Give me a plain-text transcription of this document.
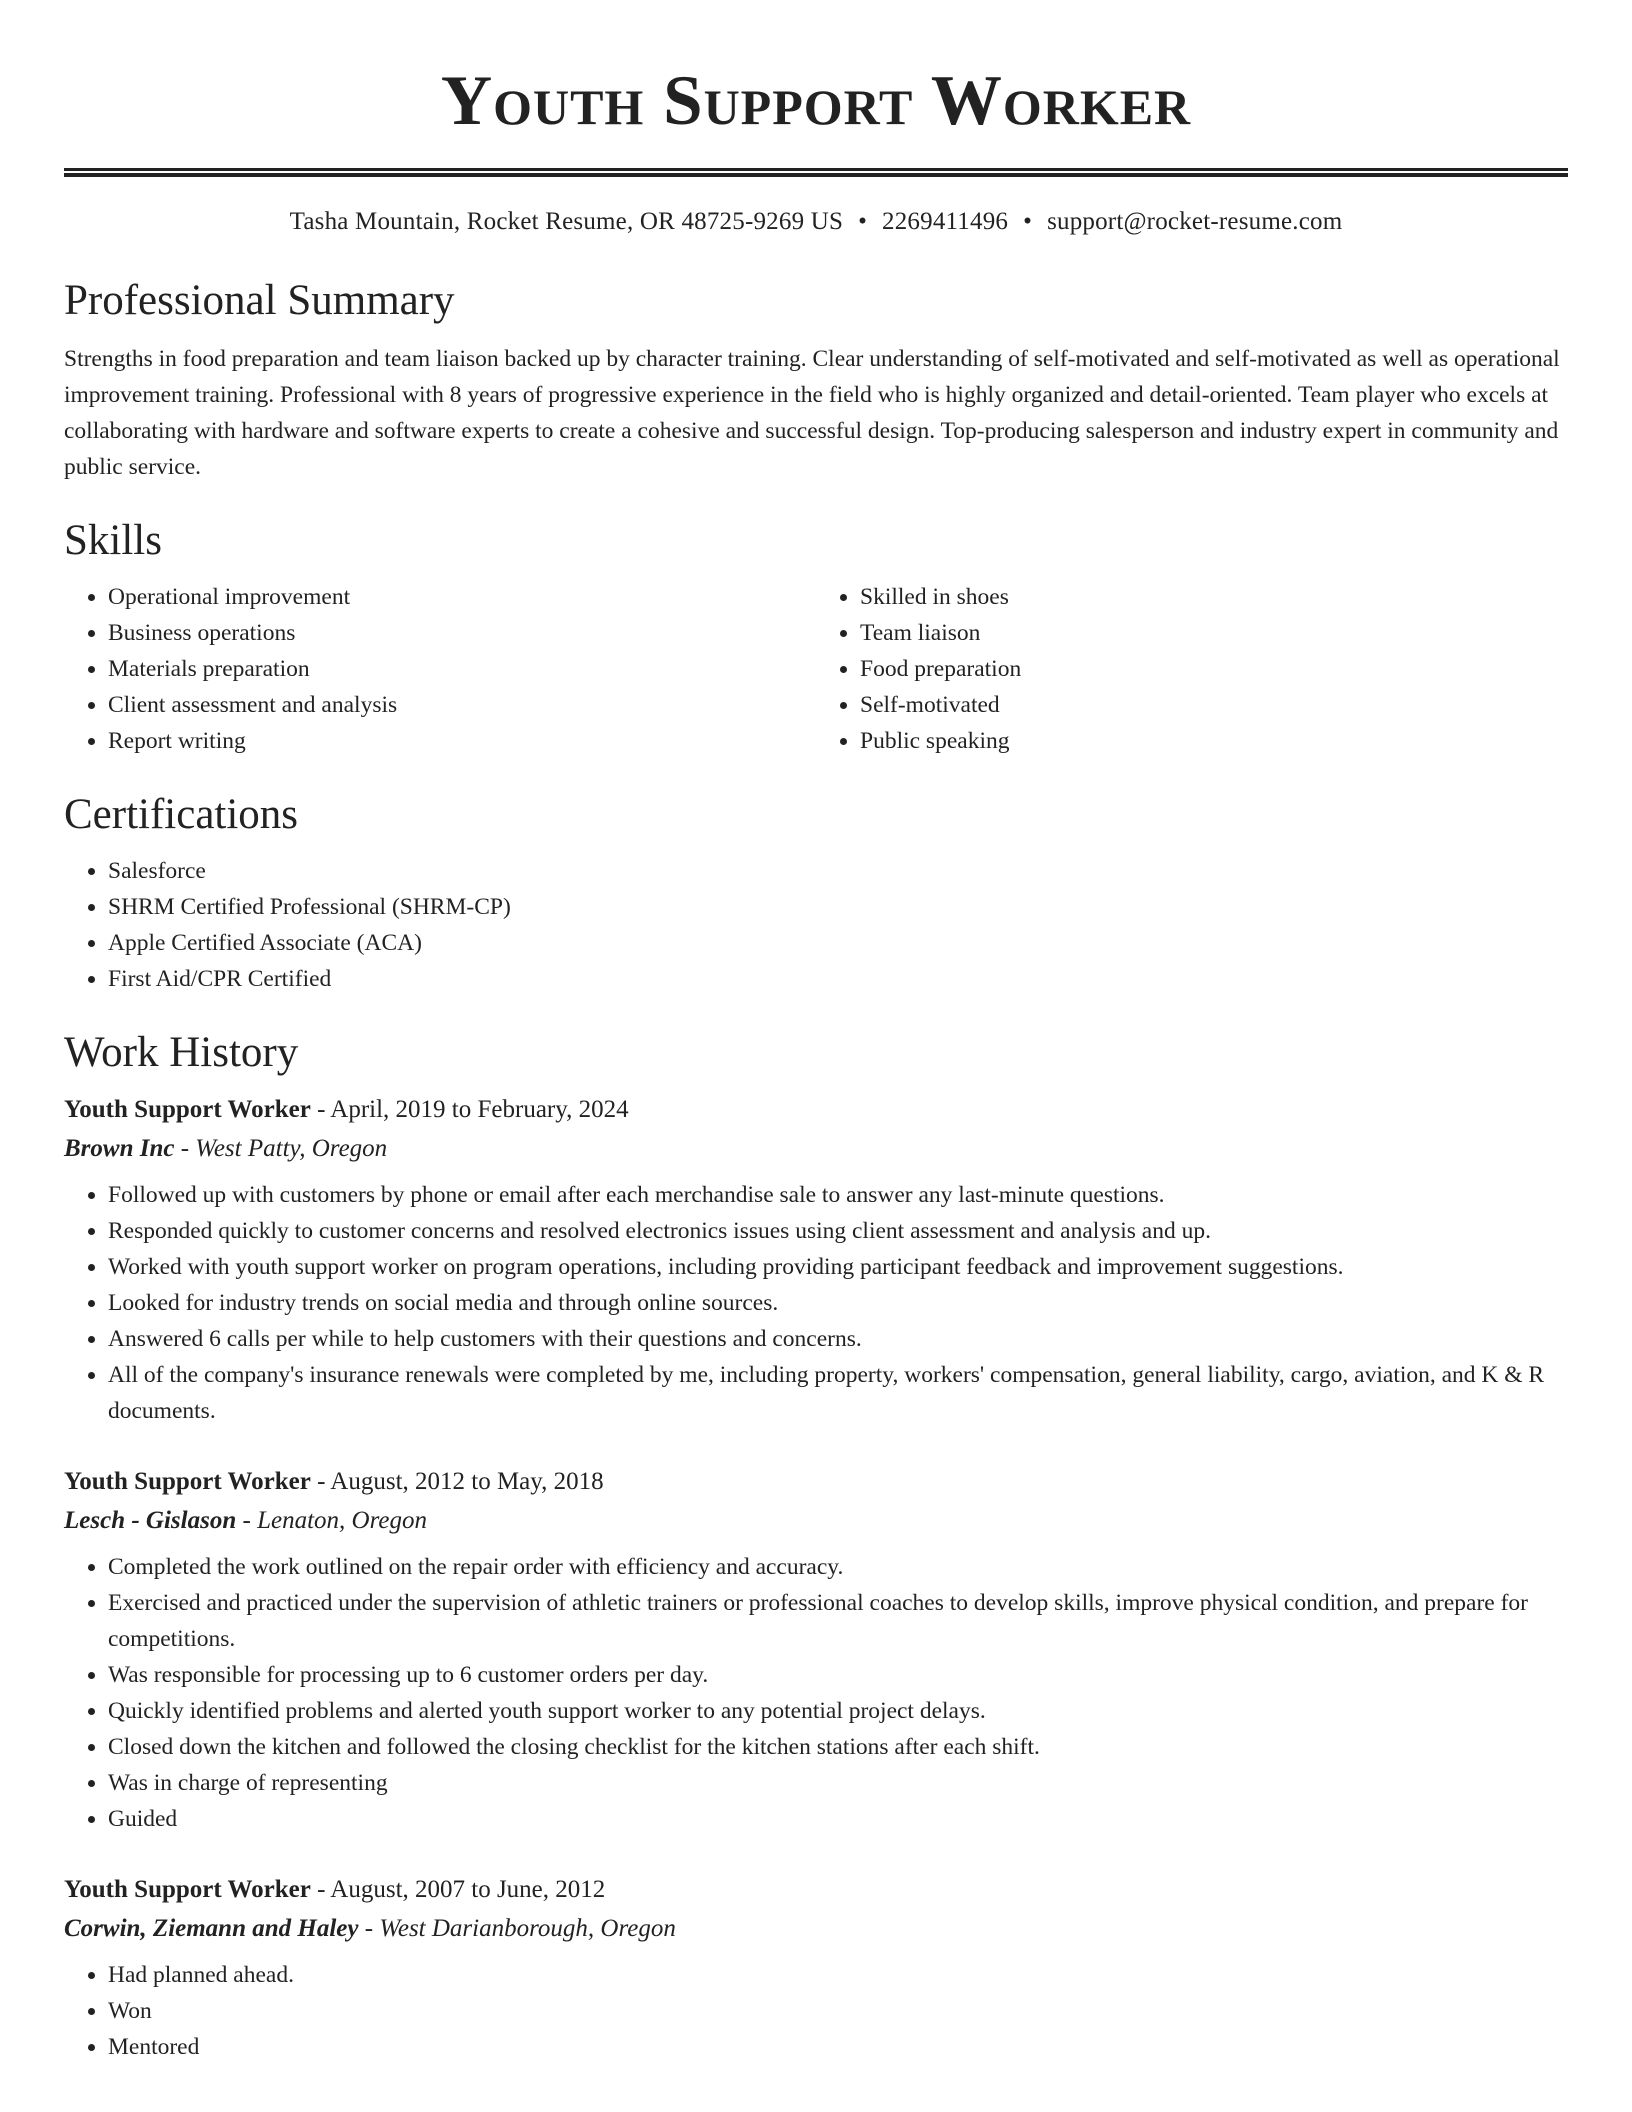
Youth Support Worker
Tasha Mountain, Rocket Resume, OR 48725-9269 US • 2269411496 • support@rocket-resume.com
Professional Summary

Strengths in food preparation and team liaison backed up by character training. Clear understanding of self-motivated and self-motivated as well as operational improvement training. Professional with 8 years of progressive experience in the field who is highly organized and detail-oriented. Team player who excels at collaborating with hardware and software experts to create a cohesive and successful design. Top-producing salesperson and industry expert in community and public service.

Skills
• Operational improvement
• Business operations
• Materials preparation
• Client assessment and analysis
• Report writing
• Skilled in shoes
• Team liaison
• Food preparation
• Self-motivated
• Public speaking
Certifications
• Salesforce
• SHRM Certified Professional (SHRM-CP)
• Apple Certified Associate (ACA)
• First Aid/CPR Certified
Work History
Youth Support Worker - April, 2019 to February, 2024
Brown Inc - West Patty, Oregon
• Followed up with customers by phone or email after each merchandise sale to answer any last-minute questions.
• Responded quickly to customer concerns and resolved electronics issues using client assessment and analysis and up.
• Worked with youth support worker on program operations, including providing participant feedback and improvement suggestions.
• Looked for industry trends on social media and through online sources.
• Answered 6 calls per while to help customers with their questions and concerns.
• All of the company's insurance renewals were completed by me, including property, workers' compensation, general liability, cargo, aviation, and K & R documents.
Youth Support Worker - August, 2012 to May, 2018
Lesch - Gislason - Lenaton, Oregon
• Completed the work outlined on the repair order with efficiency and accuracy.
• Exercised and practiced under the supervision of athletic trainers or professional coaches to develop skills, improve physical condition, and prepare for competitions.
• Was responsible for processing up to 6 customer orders per day.
• Quickly identified problems and alerted youth support worker to any potential project delays.
• Closed down the kitchen and followed the closing checklist for the kitchen stations after each shift.
• Was in charge of representing
• Guided
Youth Support Worker - August, 2007 to June, 2012
Corwin, Ziemann and Haley - West Darianborough, Oregon
• Had planned ahead.
• Won
• Mentored
